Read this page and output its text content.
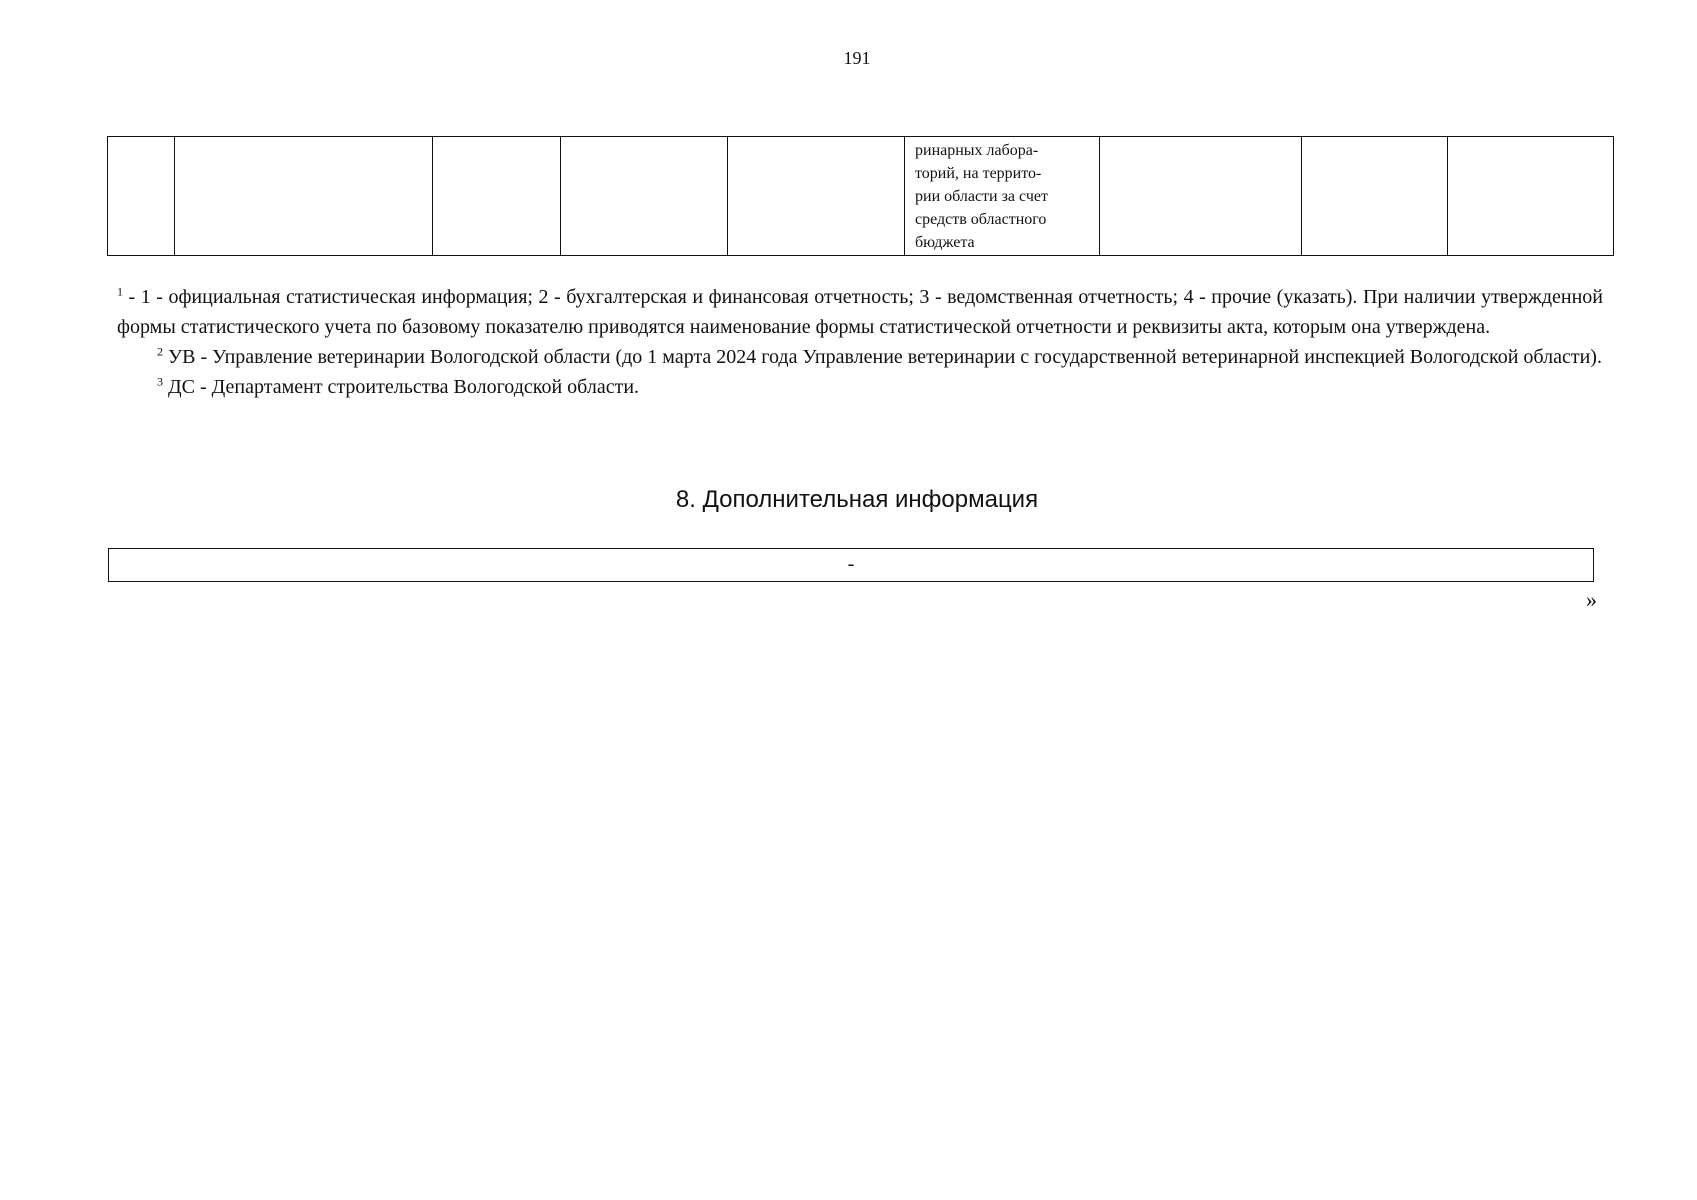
191

ринарных лабора-
торий, на террито-
рии области за счет
средств областного
бюджета

$^1$ - 1 - официальная статистическая информация; 2 - бухгалтерская и финансовая отчетность; 3 - ведомственная отчетность; 4 - прочие (указать). При наличии утвержденной формы статистического учета по базовому показателю приводятся наименование формы статистической отчетности и реквизиты акта, которым она утверждена.

$^2$ УВ - Управление ветеринарии Вологодской области (до 1 марта 2024 года Управление ветеринарии с государственной ветеринарной инспекцией Вологодской области).

$^3$ ДС - Департамент строительства Вологодской области.

8. Дополнительная информация
-
»
